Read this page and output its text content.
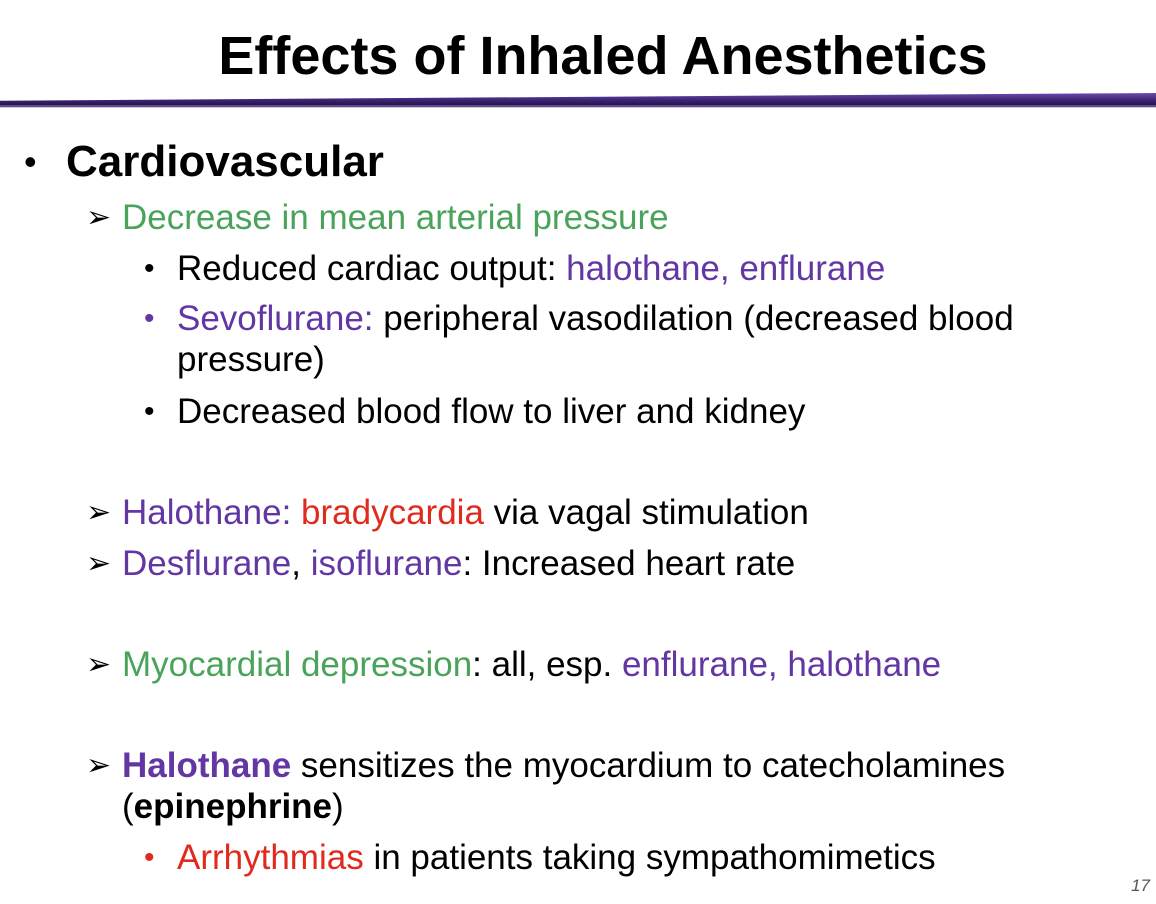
Effects of Inhaled Anesthetics
• Cardiovascular
➢ Decrease in mean arterial pressure
• Reduced cardiac output: halothane, enflurane
• Sevoflurane: peripheral vasodilation (decreased blood
pressure)
• Decreased blood flow to liver and kidney
➢ Halothane: bradycardia via vagal stimulation
➢ Desflurane, isoflurane: Increased heart rate
➢ Myocardial depression: all, esp. enflurane, halothane
➢ Halothane sensitizes the myocardium to catecholamines
(epinephrine)
• Arrhythmias in patients taking sympathomimetics
17
